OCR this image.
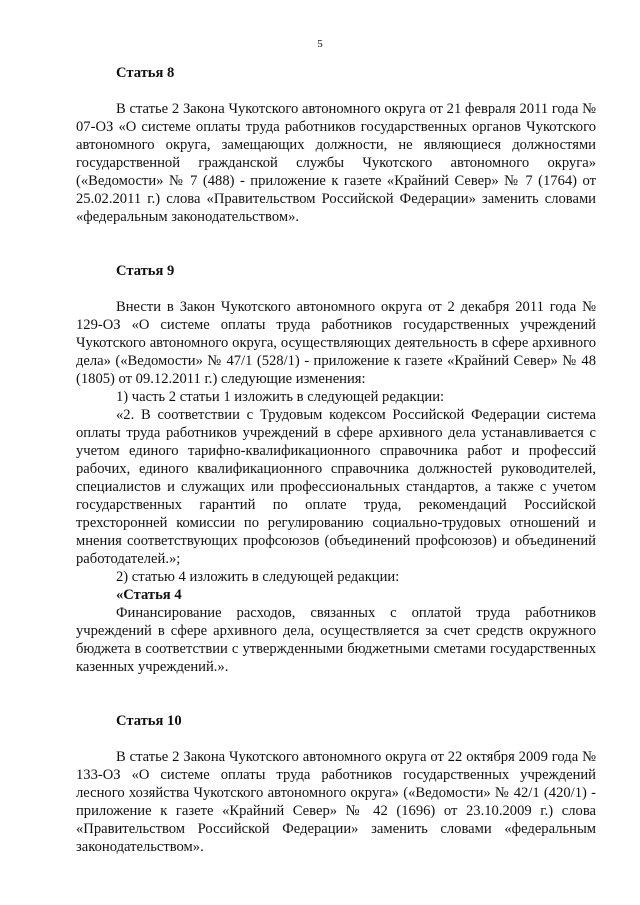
5

Статья 8

В статье 2 Закона Чукотского автономного округа от 21 февраля 2011 года № 07-ОЗ «О системе оплаты труда работников государственных органов Чукотского автономного округа, замещающих должности, не являющиеся должностями государственной гражданской службы Чукотского автономного округа» («Ведомости» № 7 (488) - приложение к газете «Крайний Север» № 7 (1764) от 25.02.2011 г.) слова «Правительством Российской Федерации» заменить словами «федеральным законодательством».

Статья 9

Внести в Закон Чукотского автономного округа от 2 декабря 2011 года № 129-ОЗ «О системе оплаты труда работников государственных учреждений Чукотского автономного округа, осуществляющих деятельность в сфере архивного дела» («Ведомости» № 47/1 (528/1) - приложение к газете «Крайний Север» № 48 (1805) от 09.12.2011 г.) следующие изменения:

1) часть 2 статьи 1 изложить в следующей редакции:

«2. В соответствии с Трудовым кодексом Российской Федерации система оплаты труда работников учреждений в сфере архивного дела устанавливается с учетом единого тарифно-квалификационного справочника работ и профессий рабочих, единого квалификационного справочника должностей руководителей, специалистов и служащих или профессиональных стандартов, а также с учетом государственных гарантий по оплате труда, рекомендаций Российской трехсторонней комиссии по регулированию социально-трудовых отношений и мнения соответствующих профсоюзов (объединений профсоюзов) и объединений работодателей.»;

2) статью 4 изложить в следующей редакции:

«Статья 4

Финансирование расходов, связанных с оплатой труда работников учреждений в сфере архивного дела, осуществляется за счет средств окружного бюджета в соответствии с утвержденными бюджетными сметами государственных казенных учреждений.».

Статья 10

В статье 2 Закона Чукотского автономного округа от 22 октября 2009 года № 133-ОЗ «О системе оплаты труда работников государственных учреждений лесного хозяйства Чукотского автономного округа» («Ведомости» № 42/1 (420/1) - приложение к газете «Крайний Север» № 42 (1696) от 23.10.2009 г.) слова «Правительством Российской Федерации» заменить словами «федеральным законодательством».
